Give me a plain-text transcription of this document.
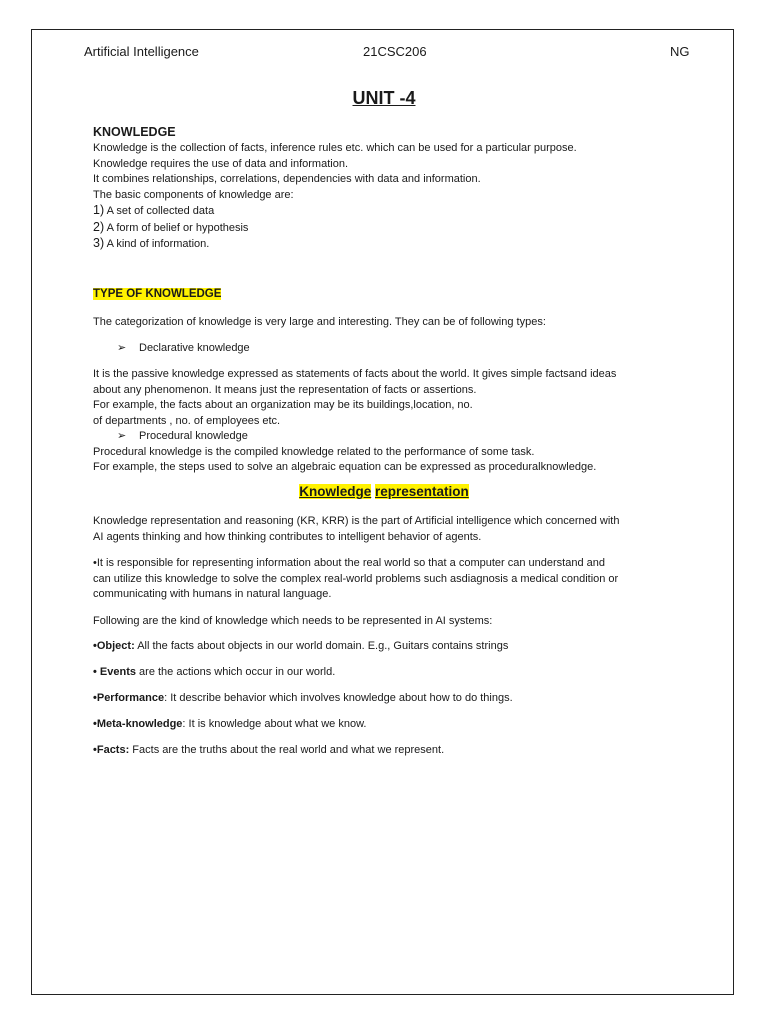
Artificial Intelligence	21CSC206	NG
UNIT -4
KNOWLEDGE
Knowledge is the collection of facts, inference rules etc. which can be used for a particular purpose.
Knowledge requires the use of data and information.
It combines relationships, correlations, dependencies with data and information.
The basic components of knowledge are:
1) A set of collected data
2) A form of belief or hypothesis
3) A kind of information.
TYPE OF KNOWLEDGE
The categorization of knowledge is very large and interesting. They can be of following types:
➢ Declarative knowledge
It is the passive knowledge expressed as statements of facts about the world. It gives simple factsand ideas
about any phenomenon. It means just the representation of facts or assertions.
For example, the facts about an organization may be its buildings,location, no.
of departments , no. of employees etc.
➢ Procedural knowledge
Procedural knowledge is the compiled knowledge related to the performance of some task.
For example, the steps used to solve an algebraic equation can be expressed as proceduralknowledge.
Knowledge representation
Knowledge representation and reasoning (KR, KRR) is the part of Artificial intelligence which concerned with
AI agents thinking and how thinking contributes to intelligent behavior of agents.
•It is responsible for representing information about the real world so that a computer can understand and
can utilize this knowledge to solve the complex real-world problems such asdiagnosis a medical condition or
communicating with humans in natural language.
Following are the kind of knowledge which needs to be represented in AI systems:
•Object: All the facts about objects in our world domain. E.g., Guitars contains strings
• Events are the actions which occur in our world.
•Performance: It describe behavior which involves knowledge about how to do things.
•Meta-knowledge: It is knowledge about what we know.
•Facts: Facts are the truths about the real world and what we represent.
